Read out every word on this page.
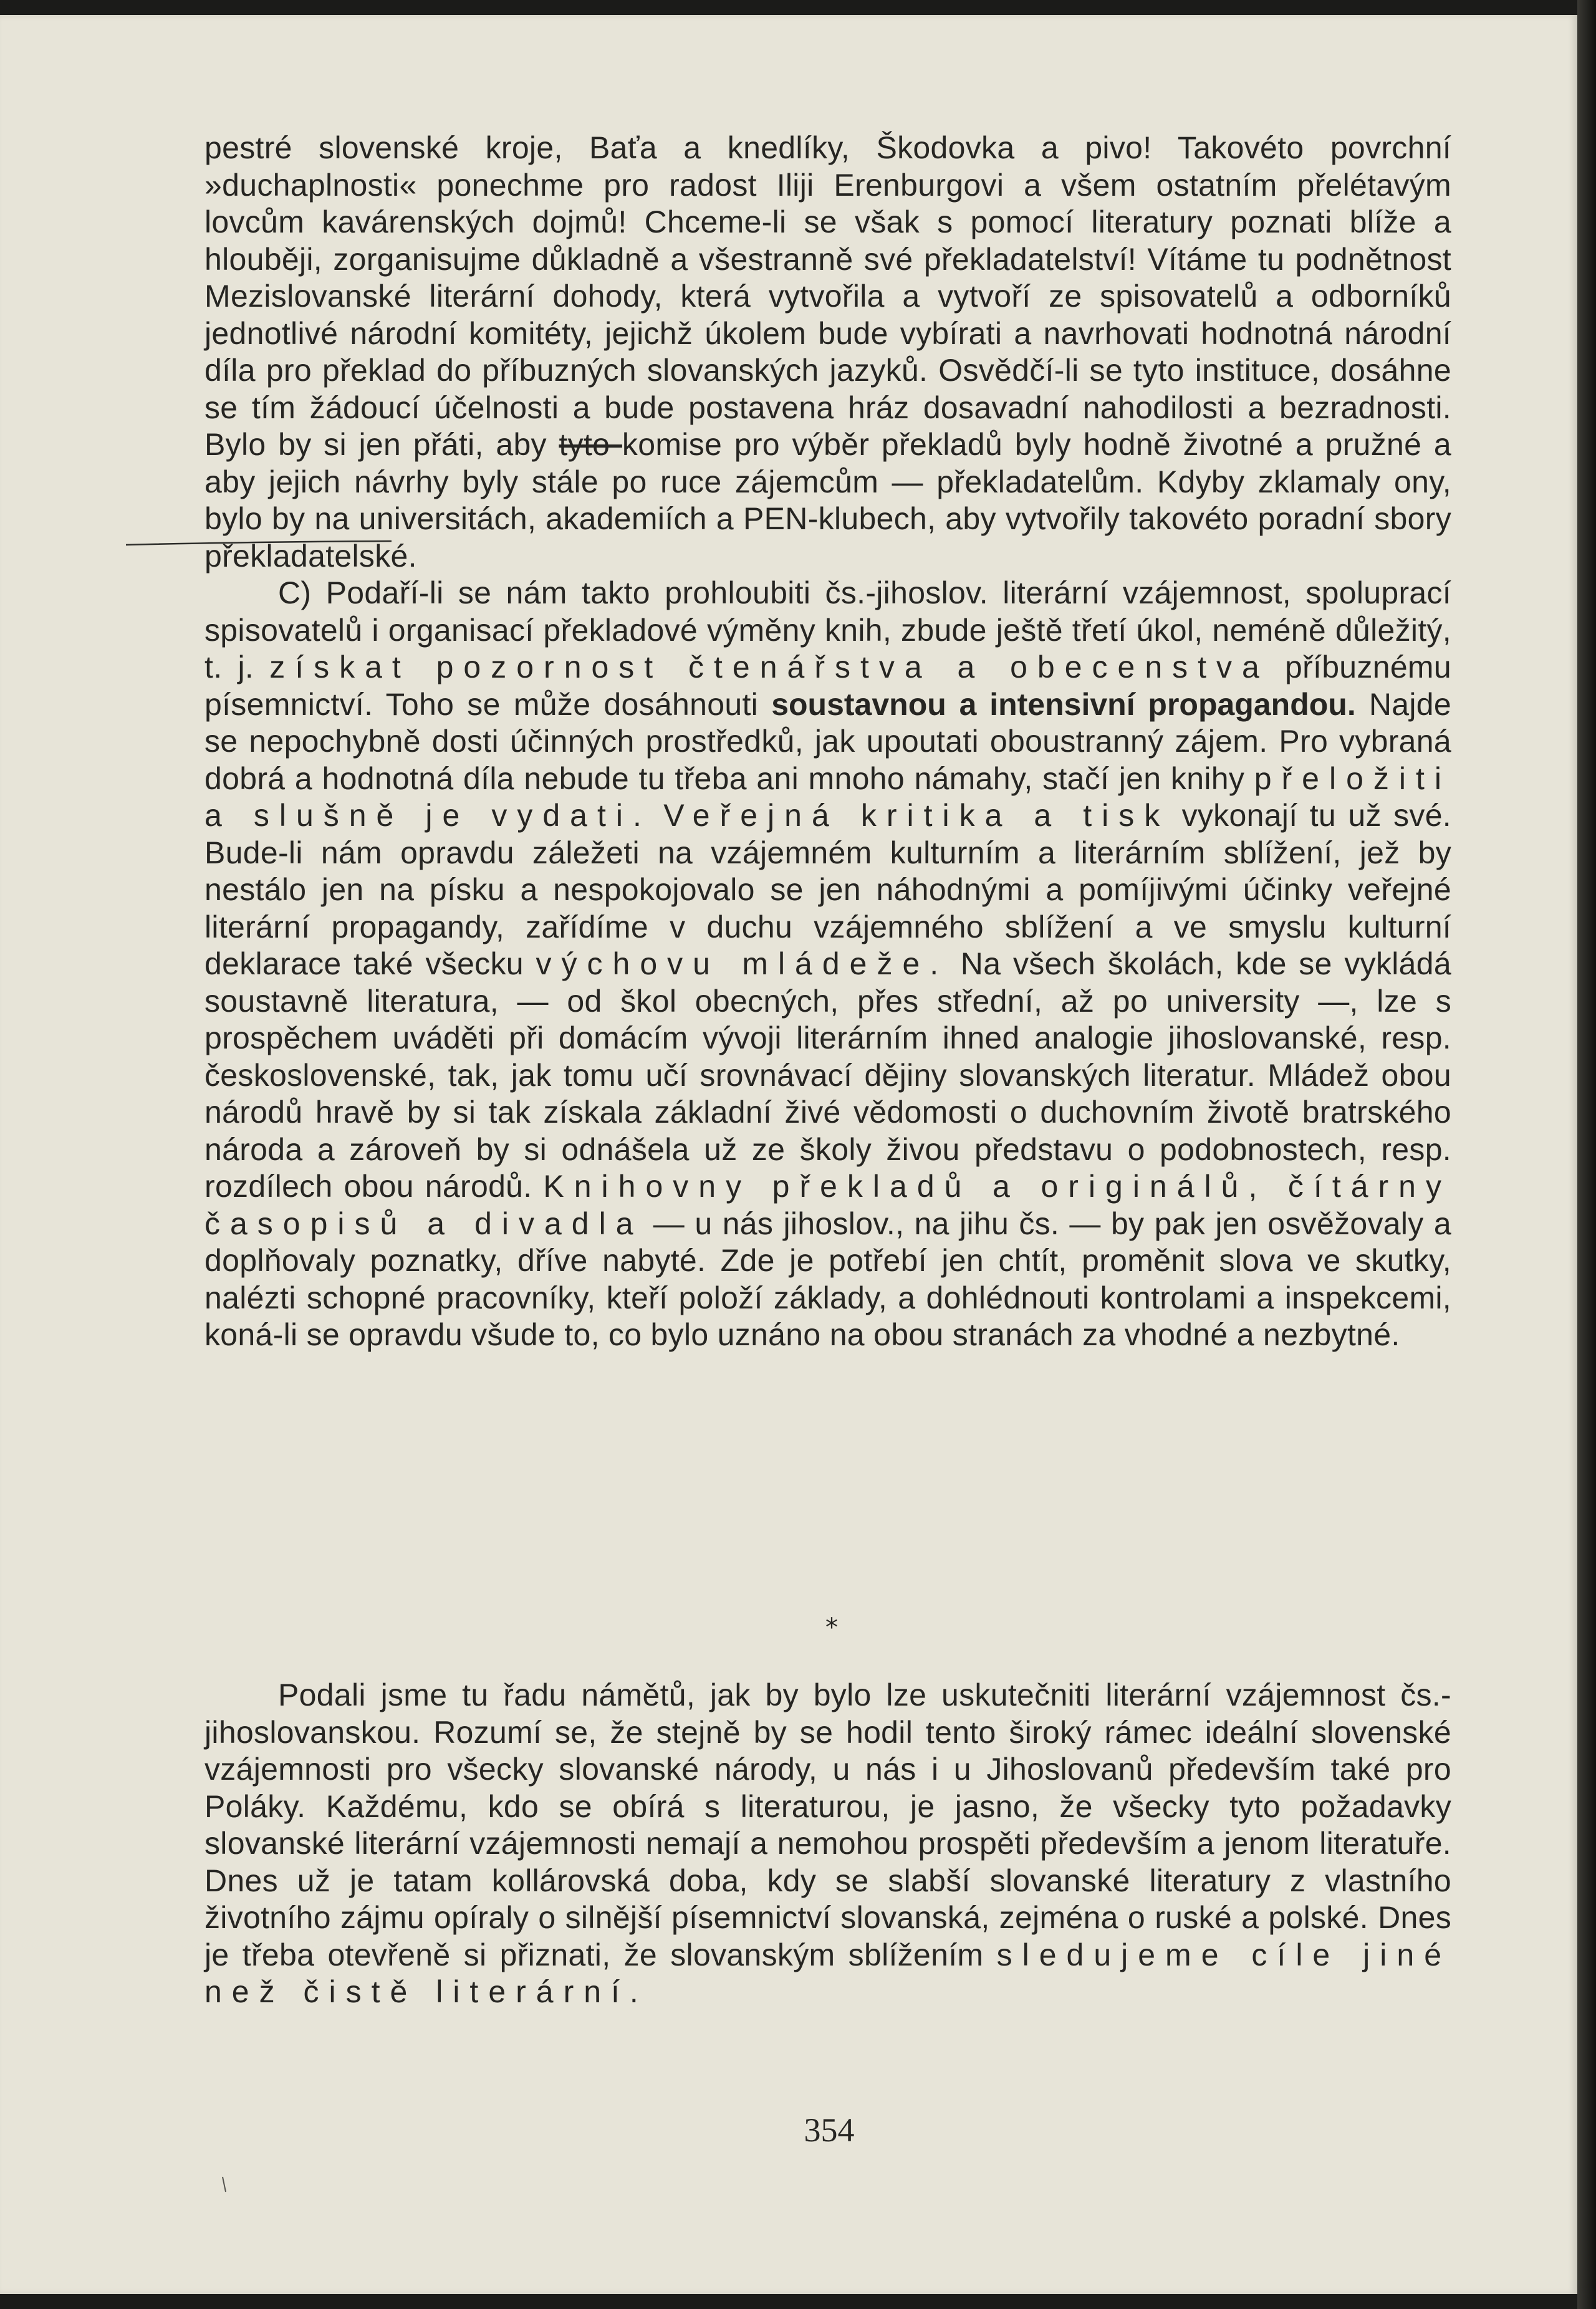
pestré slovenské kroje, Baťa a knedlíky, Škodovka a pivo! Takovéto povrchní »duchaplnosti« ponechme pro radost Iliji Erenburgovi a všem ostatním přelétavým lovcům kavárenských dojmů! Chceme-li se však s pomocí literatury poznati blíže a hlouběji, zorganisujme důkladně a všestranně své překladatelství! Vítáme tu podnětnost Mezislovanské literární dohody, která vytvořila a vytvoří ze spisovatelů a odborníků jednotlivé národní komitéty, jejichž úkolem bude vybírati a navrhovati hodnotná národní díla pro překlad do příbuzných slovanských jazyků. Osvědčí-li se tyto instituce, dosáhne se tím žádoucí účelnosti a bude postavena hráz dosavadní nahodilosti a bezradnosti. Bylo by si jen přáti, aby tyto komise pro výběr překladů byly hodně životné a pružné a aby jejich návrhy byly stále po ruce zájemcům — překladatelům. Kdyby zklamaly ony, bylo by na universitách, akademiích a PEN-klubech, aby vytvořily takovéto poradní sbory překladatelské.

C) Podaří-li se nám takto prohloubiti čs.-jihoslov. literární vzájemnost, spoluprací spisovatelů i organisací překladové výměny knih, zbude ještě třetí úkol, neméně důležitý, t. j. získat pozornost čtenářstva a obecenstva příbuznému písemnictví. Toho se může dosáhnouti soustavnou a intensivní propagandou. Najde se nepochybně dosti účinných prostředků, jak upoutati oboustranný zájem. Pro vybraná dobrá a hodnotná díla nebude tu třeba ani mnoho námahy, stačí jen knihy přeložiti a slušně je vydati. Veřejná kritika a tisk vykonají tu už své. Bude-li nám opravdu záležeti na vzájemném kulturním a literárním sblížení, jež by nestálo jen na písku a nespokojovalo se jen náhodnými a pomíjivými účinky veřejné literární propagandy, zařídíme v duchu vzájemného sblížení a ve smyslu kulturní deklarace také všecku výchovu mládeže. Na všech školách, kde se vykládá soustavně literatura, — od škol obecných, přes střední, až po university —, lze s prospěchem uváděti při domácím vývoji literárním ihned analogie jihoslovanské, resp. československé, tak, jak tomu učí srovnávací dějiny slovanských literatur. Mládež obou národů hravě by si tak získala základní živé vědomosti o duchovním životě bratrského národa a zároveň by si odnášela už ze školy živou představu o podobnostech, resp. rozdílech obou národů. Knihovny překladů a originálů, čítárny časopisů a divadla — u nás jihoslov., na jihu čs. — by pak jen osvěžovaly a doplňovaly poznatky, dříve nabyté. Zde je potřebí jen chtít, proměnit slova ve skutky, nalézti schopné pracovníky, kteří položí základy, a dohlédnouti kontrolami a inspekcemi, koná-li se opravdu všude to, co bylo uznáno na obou stranách za vhodné a nezbytné.

*

Podali jsme tu řadu námětů, jak by bylo lze uskutečniti literární vzájemnost čs.-jihoslovanskou. Rozumí se, že stejně by se hodil tento široký rámec ideální slovenské vzájemnosti pro všecky slovanské národy, u nás i u Jihoslovanů především také pro Poláky. Každému, kdo se obírá s literaturou, je jasno, že všecky tyto požadavky slovanské literární vzájemnosti nemají a nemohou prospěti především a jenom literatuře. Dnes už je tatam kollárovská doba, kdy se slabší slovanské literatury z vlastního životního zájmu opíraly o silnější písemnictví slovanská, zejména o ruské a polské. Dnes je třeba otevřeně si přiznati, že slovanským sblížením sledujeme cíle jiné než čistě literární.

354
